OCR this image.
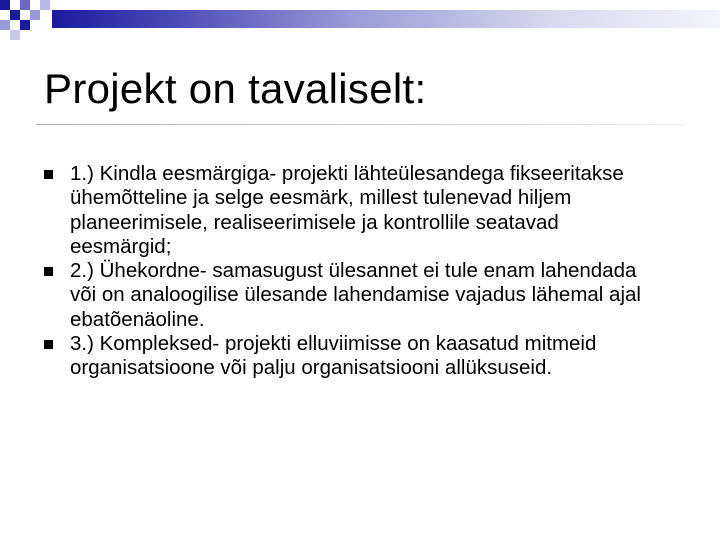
Projekt on tavaliselt:
1.) Kindla eesmärgiga- projekti lähteülesandega fikseeritakse ühemõtteline ja selge eesmärk, millest tulenevad hiljem planeerimisele, realiseerimisele ja kontrollile seatavad eesmärgid;
2.) Ühekordne- samasugust ülesannet ei tule enam lahendada või on analoogilise ülesande lahendamise vajadus lähemal ajal ebatõenäoline.
3.) Kompleksed- projekti elluviimisse on kaasatud mitmeid organisatsioone või palju organisatsiooni allüksuseid.
